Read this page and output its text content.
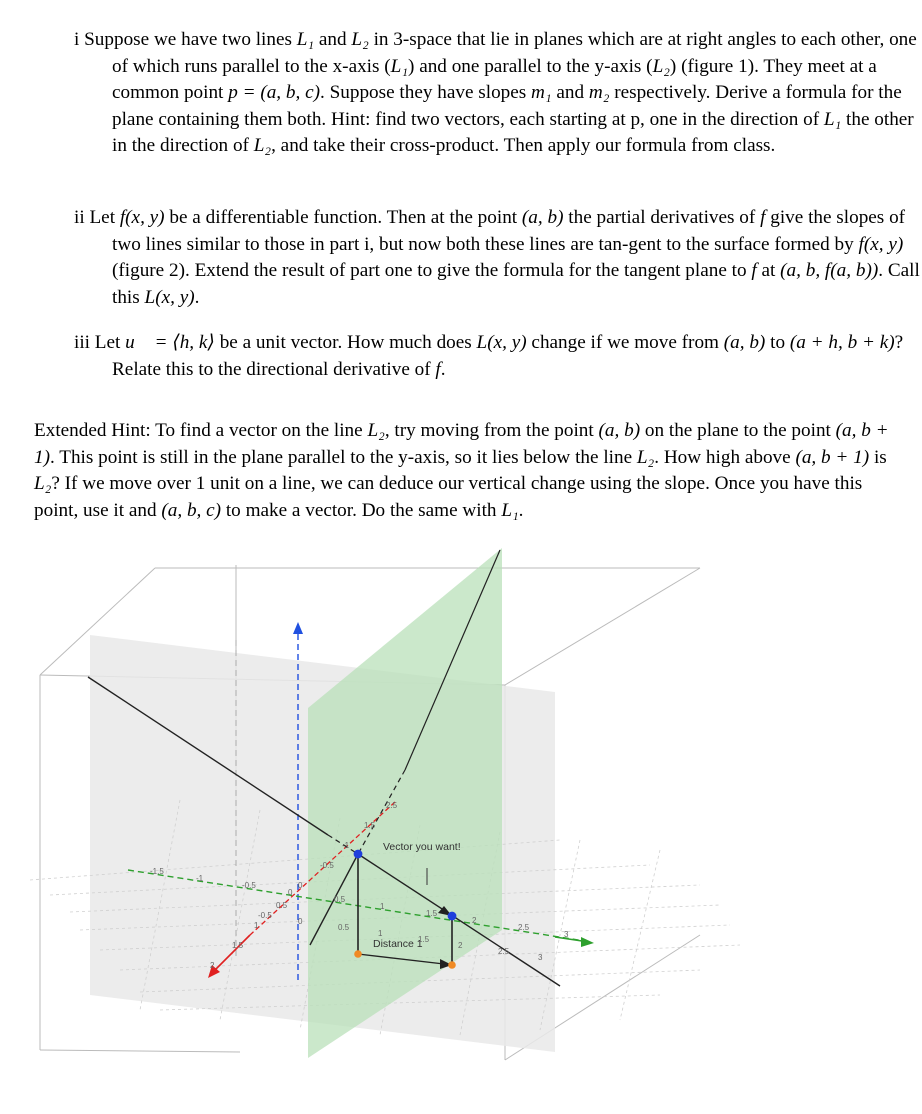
i Suppose we have two lines L₁ and L₂ in 3-space that lie in planes which are at right angles to each other, one of which runs parallel to the x-axis (L₁) and one parallel to the y-axis (L₂) (figure 1). They meet at a common point p = (a, b, c). Suppose they have slopes m₁ and m₂ respectively. Derive a formula for the plane containing them both. Hint: find two vectors, each starting at p, one in the direction of L₁ the other in the direction of L₂, and take their cross-product. Then apply our formula from class.

ii Let f(x, y) be a differentiable function. Then at the point (a, b) the partial derivatives of f give the slopes of two lines similar to those in part i, but now both these lines are tan-gent to the surface formed by f(x, y) (figure 2). Extend the result of part one to give the formula for the tangent plane to f at (a, b, f(a, b)). Call this L(x, y).

iii Let u⃗ = ⟨h, k⟩ be a unit vector. How much does L(x, y) change if we move from (a, b) to (a + h, b + k)? Relate this to the directional derivative of f.

Extended Hint: To find a vector on the line L₂, try moving from the point (a, b) on the plane to the point (a, b + 1). This point is still in the plane parallel to the y-axis, so it lies below the line L₂. How high above (a, b + 1) is L₂? If we move over 1 unit on a line, we can deduce our vertical change using the slope. Once you have this point, use it and (a, b, c) to make a vector. Do the same with L₁.

Vector you want!
Distance 1
-1.5
-1
-0.5
0
0.5
1
1.5
2
2.5
3
-0.5
0
0.5
1
1.5
2
2.5
3
2
1.5
1
0.5
0
-0.5
-1
1.5
2.5
